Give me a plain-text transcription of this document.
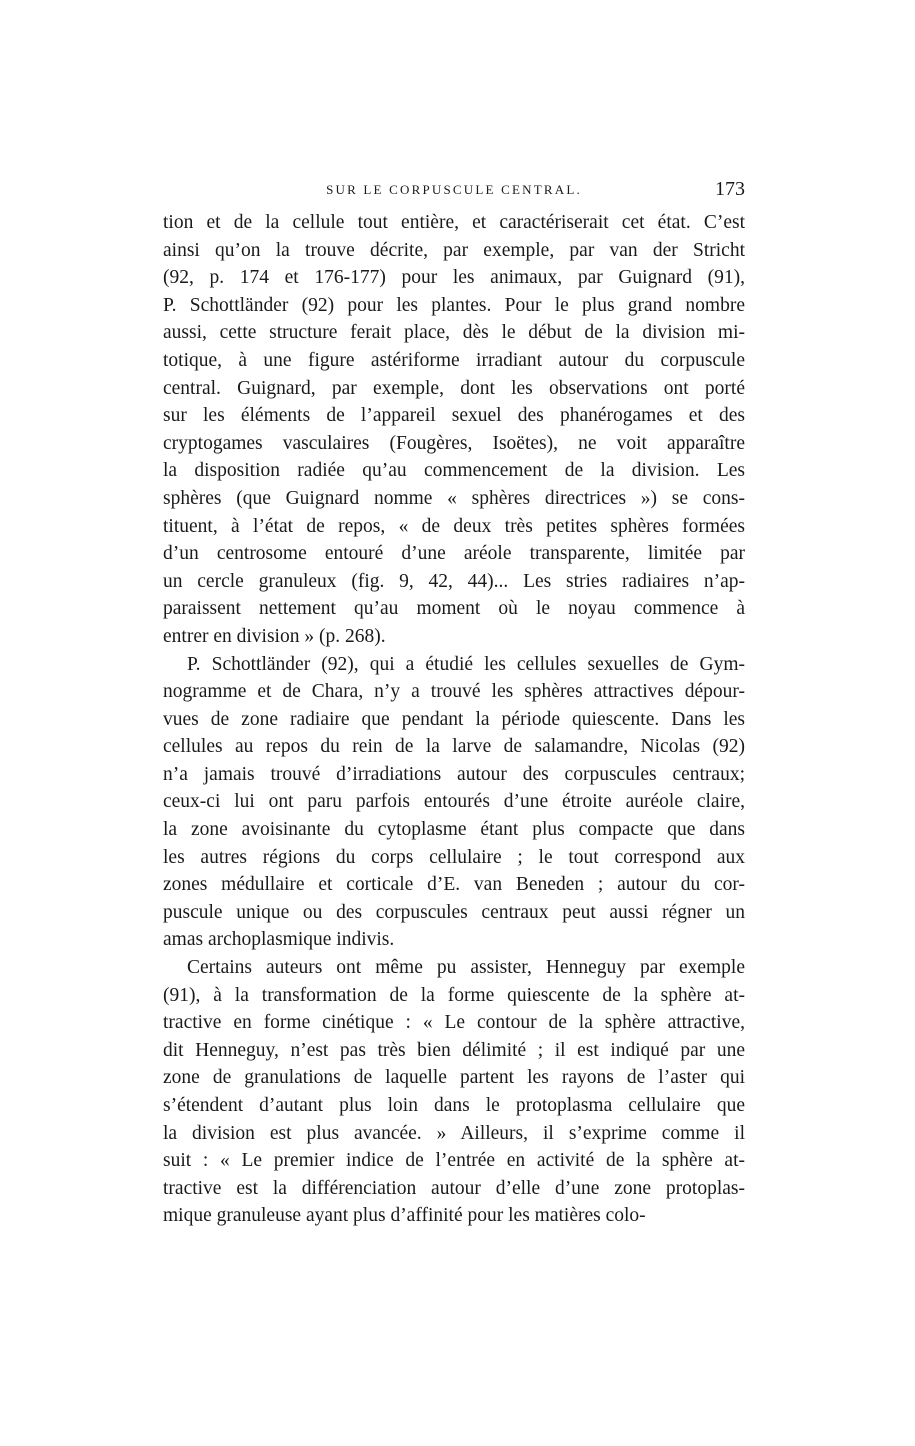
SUR LE CORPUSCULE CENTRAL.	173
tion et de la cellule tout entière, et caractériserait cet état. C’est
ainsi qu’on la trouve décrite, par exemple, par van der Stricht
(92, p. 174 et 176-177) pour les animaux, par Guignard (91),
P. Schottländer (92) pour les plantes. Pour le plus grand nombre
aussi, cette structure ferait place, dès le début de la division mi-
totique, à une figure astériforme irradiant autour du corpuscule
central. Guignard, par exemple, dont les observations ont porté
sur les éléments de l’appareil sexuel des phanérogames et des
cryptogames vasculaires (Fougères, Isoëtes), ne voit apparaître
la disposition radiée qu’au commencement de la division. Les
sphères (que Guignard nomme « sphères directrices ») se cons-
tituent, à l’état de repos, « de deux très petites sphères formées
d’un centrosome entouré d’une aréole transparente, limitée par
un cercle granuleux (fig. 9, 42, 44)... Les stries radiaires n’ap-
paraissent nettement qu’au moment où le noyau commence à
entrer en division » (p. 268).
P. Schottländer (92), qui a étudié les cellules sexuelles de Gym-
nogramme et de Chara, n’y a trouvé les sphères attractives dépour-
vues de zone radiaire que pendant la période quiescente. Dans les
cellules au repos du rein de la larve de salamandre, Nicolas (92)
n’a jamais trouvé d’irradiations autour des corpuscules centraux;
ceux-ci lui ont paru parfois entourés d’une étroite auréole claire,
la zone avoisinante du cytoplasme étant plus compacte que dans
les autres régions du corps cellulaire ; le tout correspond aux
zones médullaire et corticale d’E. van Beneden ; autour du cor-
puscule unique ou des corpuscules centraux peut aussi régner un
amas archoplasmique indivis.
Certains auteurs ont même pu assister, Henneguy par exemple
(91), à la transformation de la forme quiescente de la sphère at-
tractive en forme cinétique : « Le contour de la sphère attractive,
dit Henneguy, n’est pas très bien délimité ; il est indiqué par une
zone de granulations de laquelle partent les rayons de l’aster qui
s’étendent d’autant plus loin dans le protoplasma cellulaire que
la division est plus avancée. » Ailleurs, il s’exprime comme il
suit : « Le premier indice de l’entrée en activité de la sphère at-
tractive est la différenciation autour d’elle d’une zone protoplas-
mique granuleuse ayant plus d’affinité pour les matières colo-
